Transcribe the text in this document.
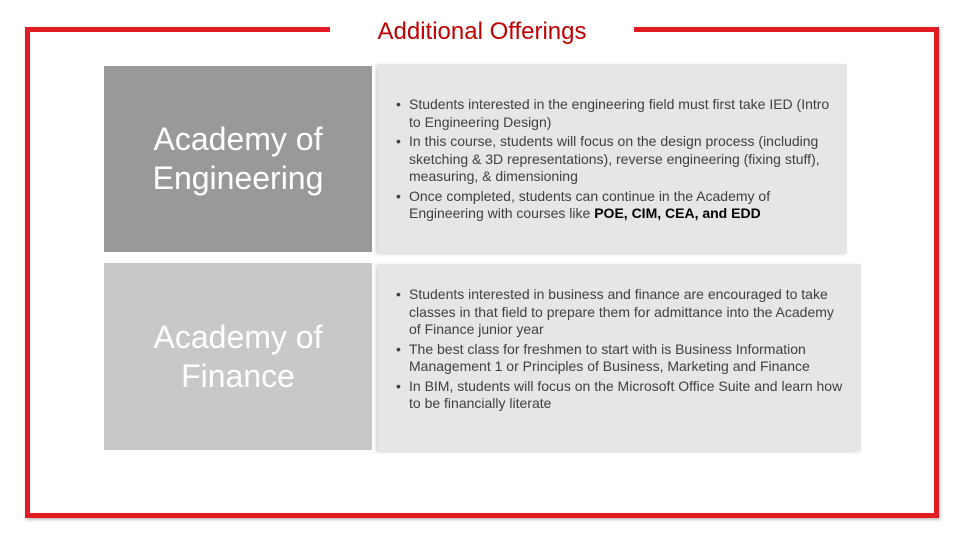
Additional Offerings
Academy of
Engineering
• Students interested in the engineering field must first take IED (Intro to Engineering Design)
• In this course, students will focus on the design process (including sketching & 3D representations), reverse engineering (fixing stuff), measuring, & dimensioning
• Once completed, students can continue in the Academy of Engineering with courses like POE, CIM, CEA, and EDD
Academy of
Finance
• Students interested in business and finance are encouraged to take classes in that field to prepare them for admittance into the Academy of Finance junior year
• The best class for freshmen to start with is Business Information Management 1 or Principles of Business, Marketing and Finance
• In BIM, students will focus on the Microsoft Office Suite and learn how to be financially literate
